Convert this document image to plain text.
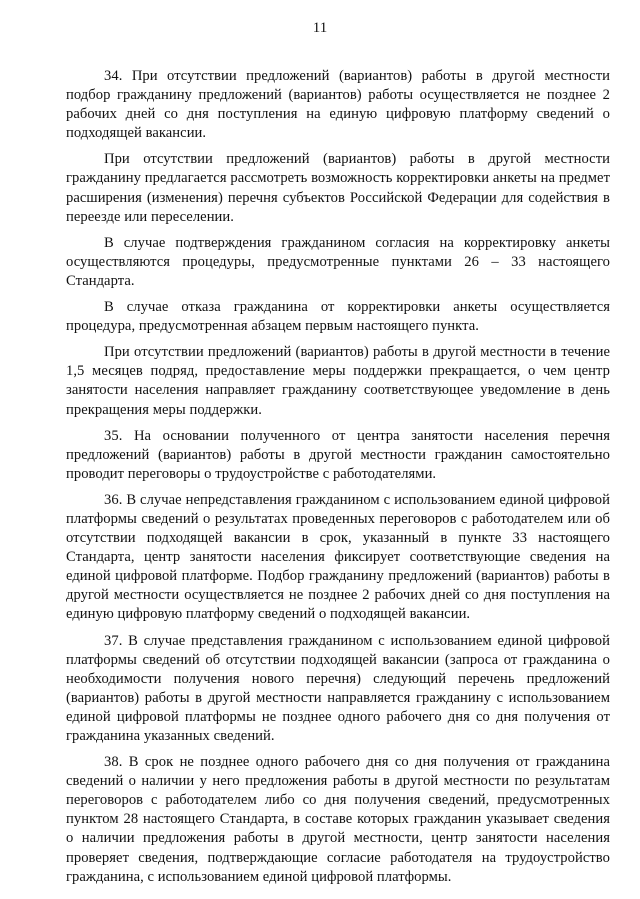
11

34. При отсутствии предложений (вариантов) работы в другой местности подбор гражданину предложений (вариантов) работы осуществляется не позднее 2 рабочих дней со дня поступления на единую цифровую платформу сведений о подходящей вакансии.

При отсутствии предложений (вариантов) работы в другой местности гражданину предлагается рассмотреть возможность корректировки анкеты на предмет расширения (изменения) перечня субъектов Российской Федерации для содействия в переезде или переселении.

В случае подтверждения гражданином согласия на корректировку анкеты осуществляются процедуры, предусмотренные пунктами 26 – 33 настоящего Стандарта.

В случае отказа гражданина от корректировки анкеты осуществляется процедура, предусмотренная абзацем первым настоящего пункта.

При отсутствии предложений (вариантов) работы в другой местности в течение 1,5 месяцев подряд, предоставление меры поддержки прекращается, о чем центр занятости населения направляет гражданину соответствующее уведомление в день прекращения меры поддержки.

35. На основании полученного от центра занятости населения перечня предложений (вариантов) работы в другой местности гражданин самостоятельно проводит переговоры о трудоустройстве с работодателями.

36. В случае непредставления гражданином с использованием единой цифровой платформы сведений о результатах проведенных переговоров с работодателем или об отсутствии подходящей вакансии в срок, указанный в пункте 33 настоящего Стандарта, центр занятости населения фиксирует соответствующие сведения на единой цифровой платформе. Подбор гражданину предложений (вариантов) работы в другой местности осуществляется не позднее 2 рабочих дней со дня поступления на единую цифровую платформу сведений о подходящей вакансии.

37. В случае представления гражданином с использованием единой цифровой платформы сведений об отсутствии подходящей вакансии (запроса от гражданина о необходимости получения нового перечня) следующий перечень предложений (вариантов) работы в другой местности направляется гражданину с использованием единой цифровой платформы не позднее одного рабочего дня со дня получения от гражданина указанных сведений.

38. В срок не позднее одного рабочего дня со дня получения от гражданина сведений о наличии у него предложения работы в другой местности по результатам переговоров с работодателем либо со дня получения сведений, предусмотренных пунктом 28 настоящего Стандарта, в составе которых гражданин указывает сведения о наличии предложения работы в другой местности, центр занятости населения проверяет сведения, подтверждающие согласие работодателя на трудоустройство гражданина, с использованием единой цифровой платформы.
